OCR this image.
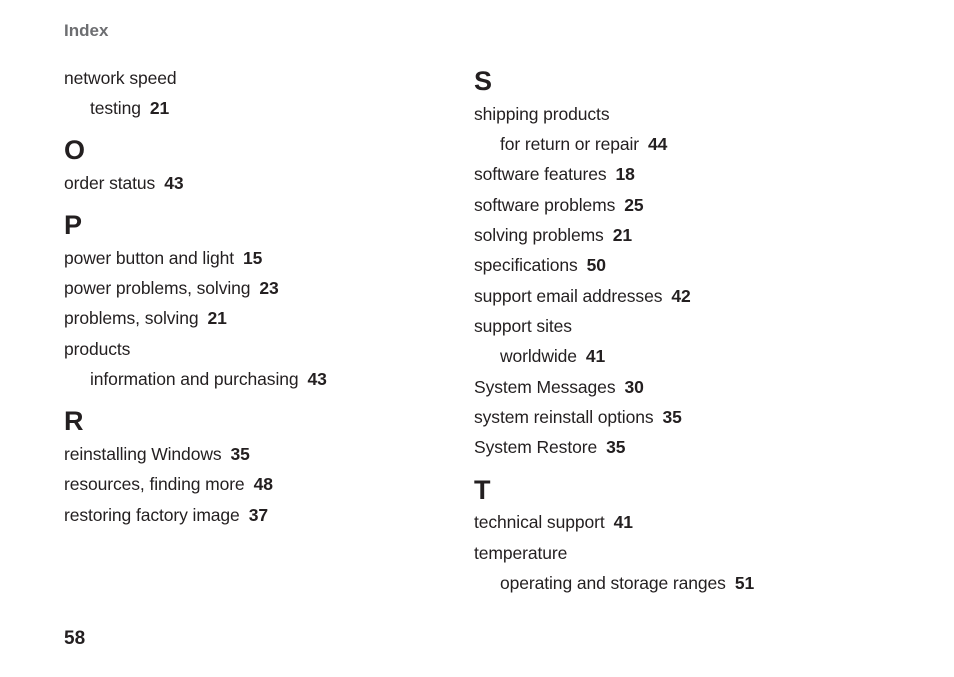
Index
network speed
testing 21
O
order status 43
P
power button and light 15
power problems, solving 23
problems, solving 21
products
information and purchasing 43
R
reinstalling Windows 35
resources, finding more 48
restoring factory image 37
S
shipping products
for return or repair 44
software features 18
software problems 25
solving problems 21
specifications 50
support email addresses 42
support sites
worldwide 41
System Messages 30
system reinstall options 35
System Restore 35
T
technical support 41
temperature
operating and storage ranges 51
58
